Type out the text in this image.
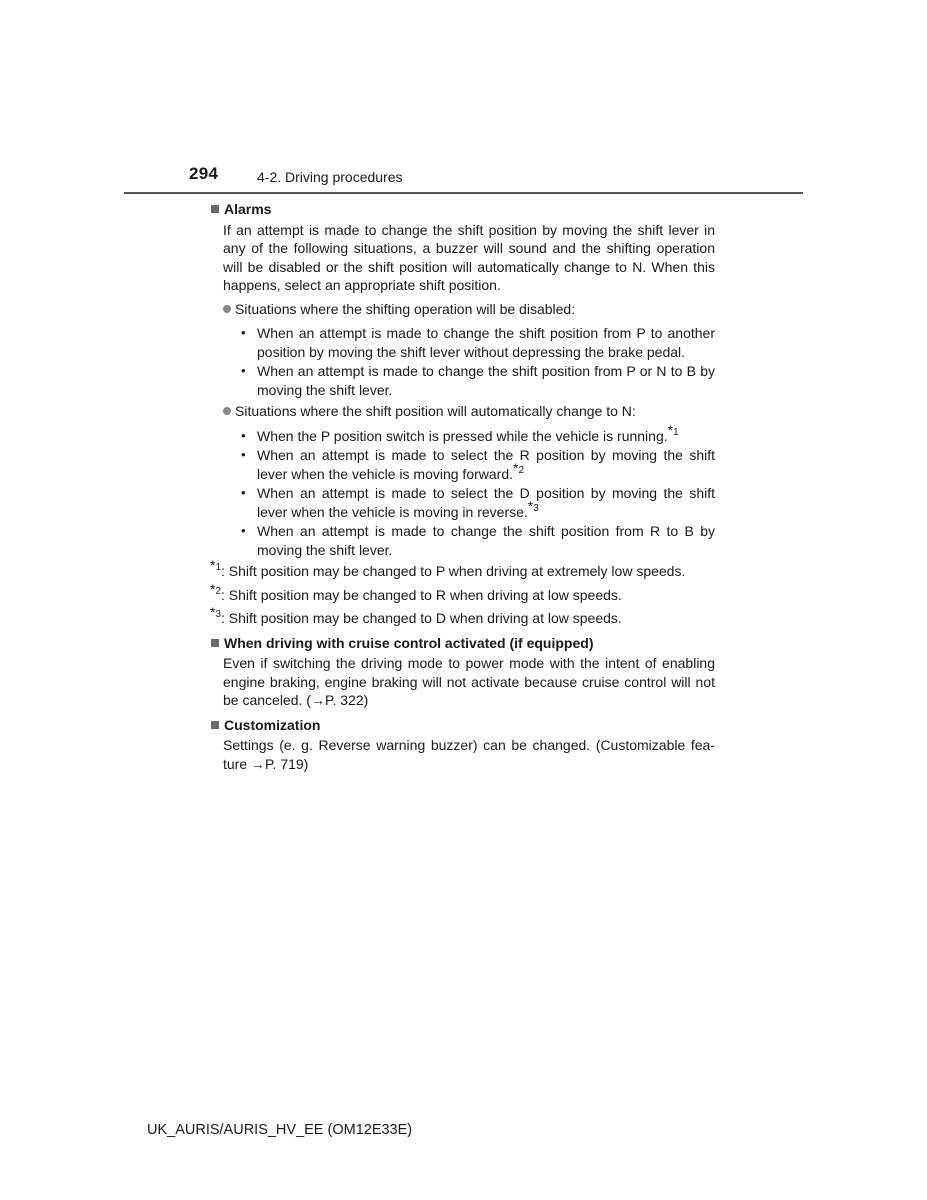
294	4-2. Driving procedures
Alarms

If an attempt is made to change the shift position by moving the shift lever in any of the following situations, a buzzer will sound and the shifting operation will be disabled or the shift position will automatically change to N. When this happens, select an appropriate shift position.

Situations where the shifting operation will be disabled:
• When an attempt is made to change the shift position from P to another position by moving the shift lever without depressing the brake pedal.
• When an attempt is made to change the shift position from P or N to B by moving the shift lever.
Situations where the shift position will automatically change to N:
• When the P position switch is pressed while the vehicle is running.$^{*1}$
• When an attempt is made to select the R position by moving the shift lever when the vehicle is moving forward.$^{*2}$
• When an attempt is made to select the D position by moving the shift lever when the vehicle is moving in reverse.$^{*3}$
• When an attempt is made to change the shift position from R to B by moving the shift lever.
$^{*1}$: Shift position may be changed to P when driving at extremely low speeds.
$^{*2}$: Shift position may be changed to R when driving at low speeds.
$^{*3}$: Shift position may be changed to D when driving at low speeds.
When driving with cruise control activated (if equipped)

Even if switching the driving mode to power mode with the intent of enabling engine braking, engine braking will not activate because cruise control will not be canceled. (→P. 322)

Customization

Settings (e. g. Reverse warning buzzer) can be changed. (Customizable fea-ture →P. 719)

UK_AURIS/AURIS_HV_EE (OM12E33E)
